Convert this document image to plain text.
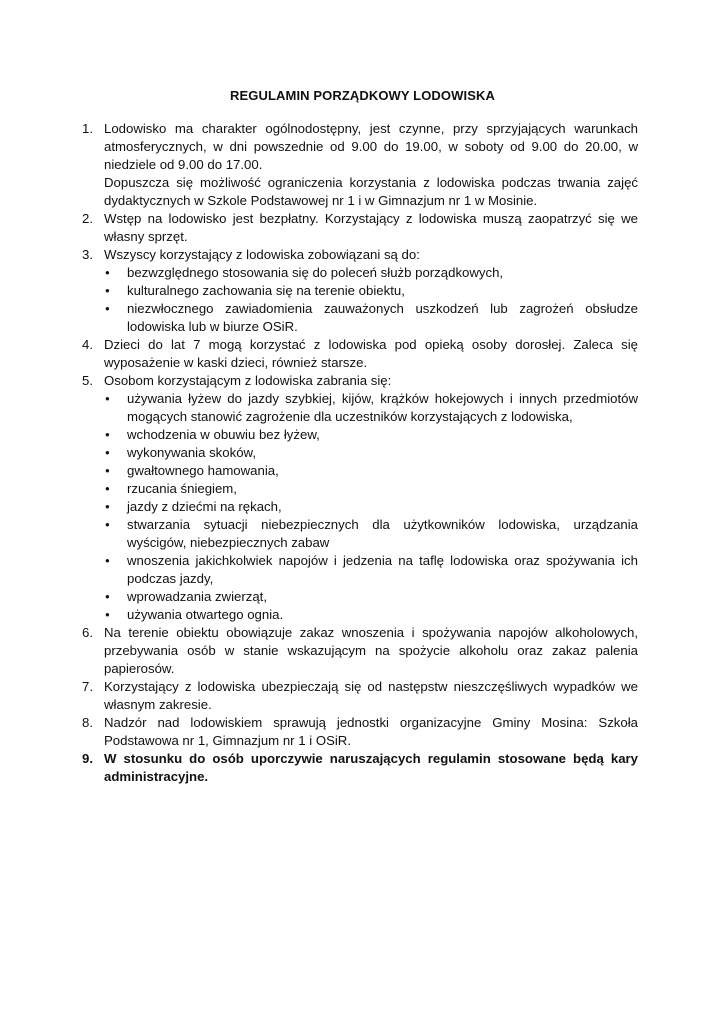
REGULAMIN PORZĄDKOWY LODOWISKA
1. Lodowisko ma charakter ogólnodostępny, jest czynne, przy sprzyjających warunkach atmosferycznych, w dni powszednie od 9.00 do 19.00, w soboty od 9.00 do 20.00, w niedziele od 9.00 do 17.00.
Dopuszcza się możliwość ograniczenia korzystania z lodowiska podczas trwania zajęć dydaktycznych w Szkole Podstawowej nr 1 i w Gimnazjum nr 1 w Mosinie.
2. Wstęp na lodowisko jest bezpłatny. Korzystający z lodowiska muszą zaopatrzyć się we własny sprzęt.
3. Wszyscy korzystający z lodowiska zobowiązani są do:
●	bezwzględnego stosowania się do poleceń służb porządkowych,
●	kulturalnego zachowania się na terenie obiektu,
●	niezwłocznego zawiadomienia zauważonych uszkodzeń lub zagrożeń obsłudze lodowiska lub w biurze OSiR.
4. Dzieci do lat 7 mogą korzystać z lodowiska pod opieką osoby dorosłej. Zaleca się wyposażenie w kaski dzieci, również starsze.
5. Osobom korzystającym z lodowiska zabrania się:
●	używania łyżew do jazdy szybkiej, kijów, krążków hokejowych i innych przedmiotów mogących stanowić zagrożenie dla uczestników korzystających z lodowiska,
●	wchodzenia w obuwiu bez łyżew,
●	wykonywania skoków,
●	gwałtownego hamowania,
●	rzucania śniegiem,
●	jazdy z dziećmi na rękach,
●	stwarzania sytuacji niebezpiecznych dla użytkowników lodowiska, urządzania wyścigów, niebezpiecznych zabaw
●	wnoszenia jakichkolwiek napojów i jedzenia na taflę lodowiska oraz spożywania ich podczas jazdy,
●	wprowadzania zwierząt,
●	używania otwartego ognia.
6. Na terenie obiektu obowiązuje zakaz wnoszenia i spożywania napojów alkoholowych, przebywania osób w stanie wskazującym na spożycie alkoholu oraz zakaz palenia papierosów.
7. Korzystający z lodowiska ubezpieczają się od następstw nieszczęśliwych wypadków we własnym zakresie.
8. Nadzór nad lodowiskiem sprawują jednostki organizacyjne Gminy Mosina: Szkoła Podstawowa nr 1, Gimnazjum nr 1 i OSiR.
9. W stosunku do osób uporczywie naruszających regulamin stosowane będą kary administracyjne.
